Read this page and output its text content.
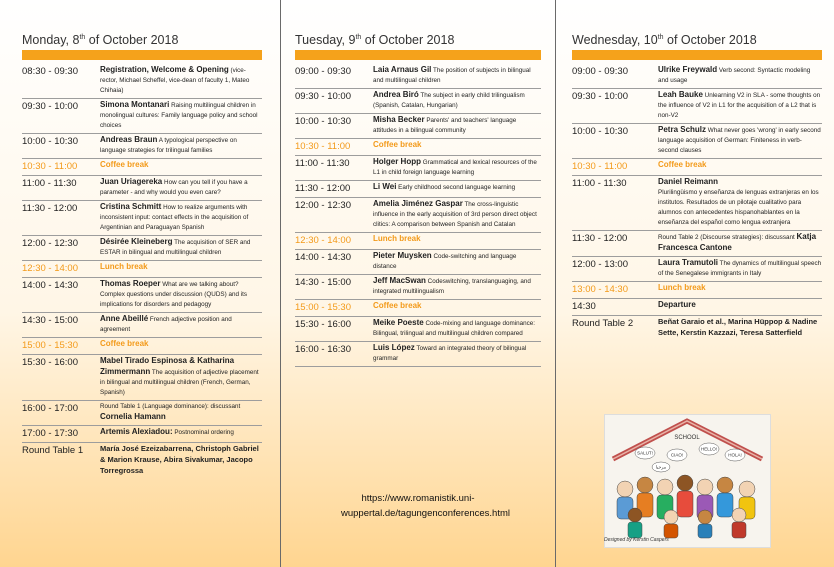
Monday, 8th of October 2018
08:30 - 09:30	Registration, Welcome & Opening (vice-rector, Michael Scheffel, vice-dean of faculty 1, Mateo Chihaia)
09:30 - 10:00	Simona Montanari Raising multilingual children in monolingual cultures: Family language policy and school choices
10:00 - 10:30	Andreas Braun A typological perspective on language strategies for trilingual families
10:30 - 11:00	Coffee break
11:00 - 11:30	Juan Uriagereka How can you tell if you have a parameter - and why would you even care?
11:30 - 12:00	Cristina Schmitt How to realize arguments with inconsistent input: contact effects in the acquisition of Argentinian and Paraguayan Spanish
12:00 - 12:30	Désirée Kleineberg The acquisition of SER and ESTAR in bilingual and multilingual children
12:30 - 14:00	Lunch break
14:00 - 14:30	Thomas Roeper What are we talking about? Complex questions under discussion (QUDS) and its implications for disorders and pedagogy
14:30 - 15:00	Anne Abeillé French adjective position and agreement
15:00 - 15:30	Coffee break
15:30 - 16:00	Mabel Tirado Espinosa & Katharina Zimmermann The acquisition of adjective placement in bilingual and multilingual children (French, German, Spanish)
16:00 - 17:00	Round Table 1 (Language dominance): discussant Cornelia Hamann
17:00 - 17:30	Artemis Alexiadou: Postnominal ordering
Round Table 1	María José Ezeizabarrena, Christoph Gabriel & Marion Krause, Abira Sivakumar, Jacopo Torregrossa
Tuesday, 9th of October 2018
09:00 - 09:30	Laia Arnaus Gil The position of subjects in bilingual and multilingual children
09:30 - 10:00	Andrea Biró The subject in early child trilingualism (Spanish, Catalan, Hungarian)
10:00 - 10:30	Misha Becker Parents' and teachers' language attitudes in a bilingual community
10:30 - 11:00	Coffee break
11:00 - 11:30	Holger Hopp Grammatical and lexical resources of the L1 in child foreign language learning
11:30 - 12:00	Li Wei Early childhood second language learning
12:00 - 12:30	Amelia Jiménez Gaspar The cross-linguistic influence in the early acquisition of 3rd person direct object clitics: A comparison between Spanish and Catalan
12:30 - 14:00	Lunch break
14:00 - 14:30	Pieter Muysken Code-switching and language distance
14:30 - 15:00	Jeff MacSwan Codeswitching, translanguaging, and integrated multilingualism
15:00 - 15:30	Coffee break
15:30 - 16:00	Meike Poeste Code-mixing and language dominance: Bilingual, trilingual and multilingual children compared
16:00 - 16:30	Luis López Toward an integrated theory of bilingual grammar
https://www.romanistik.uni-wuppertal.de/tagungenconferences.html
Wednesday, 10th of October 2018
09:00 - 09:30	Ulrike Freywald Verb second: Syntactic modeling and usage
09:30 - 10:00	Leah Bauke Unlearning V2 in SLA - some thoughts on the influence of V2 in L1 for the acquisition of a L2 that is non-V2
10:00 - 10:30	Petra Schulz What never goes 'wrong' in early second language acquisition of German: Finiteness in verb-second clauses
10:30 - 11:00	Coffee break
11:00 - 11:30	Daniel Reimann

Plurilingüismo y enseñanza de lenguas extranjeras en los institutos. Resultados de un pilotaje cualitativo para alumnos con antecedentes hispanohablantes en la enseñanza del español como lengua extranjera
11:30 - 12:00	Round Table 2 (Discourse strategies): discussant Katja Francesca Cantone
12:00 - 13:00	Laura Tramutoli The dynamics of multilingual speech of the Senegalese immigrants in Italy
13:00 - 14:30	Lunch break
14:30	Departure
Round Table 2	Beñat Garaio et al., Marina Hüppop & Nadine Sette, Kerstin Kazzazi, Teresa Satterfield
SCHOOL
SALUT!	CIAO!
HELLO!
HOLA!
مرحبا
Designed by Kerstin Caspers
